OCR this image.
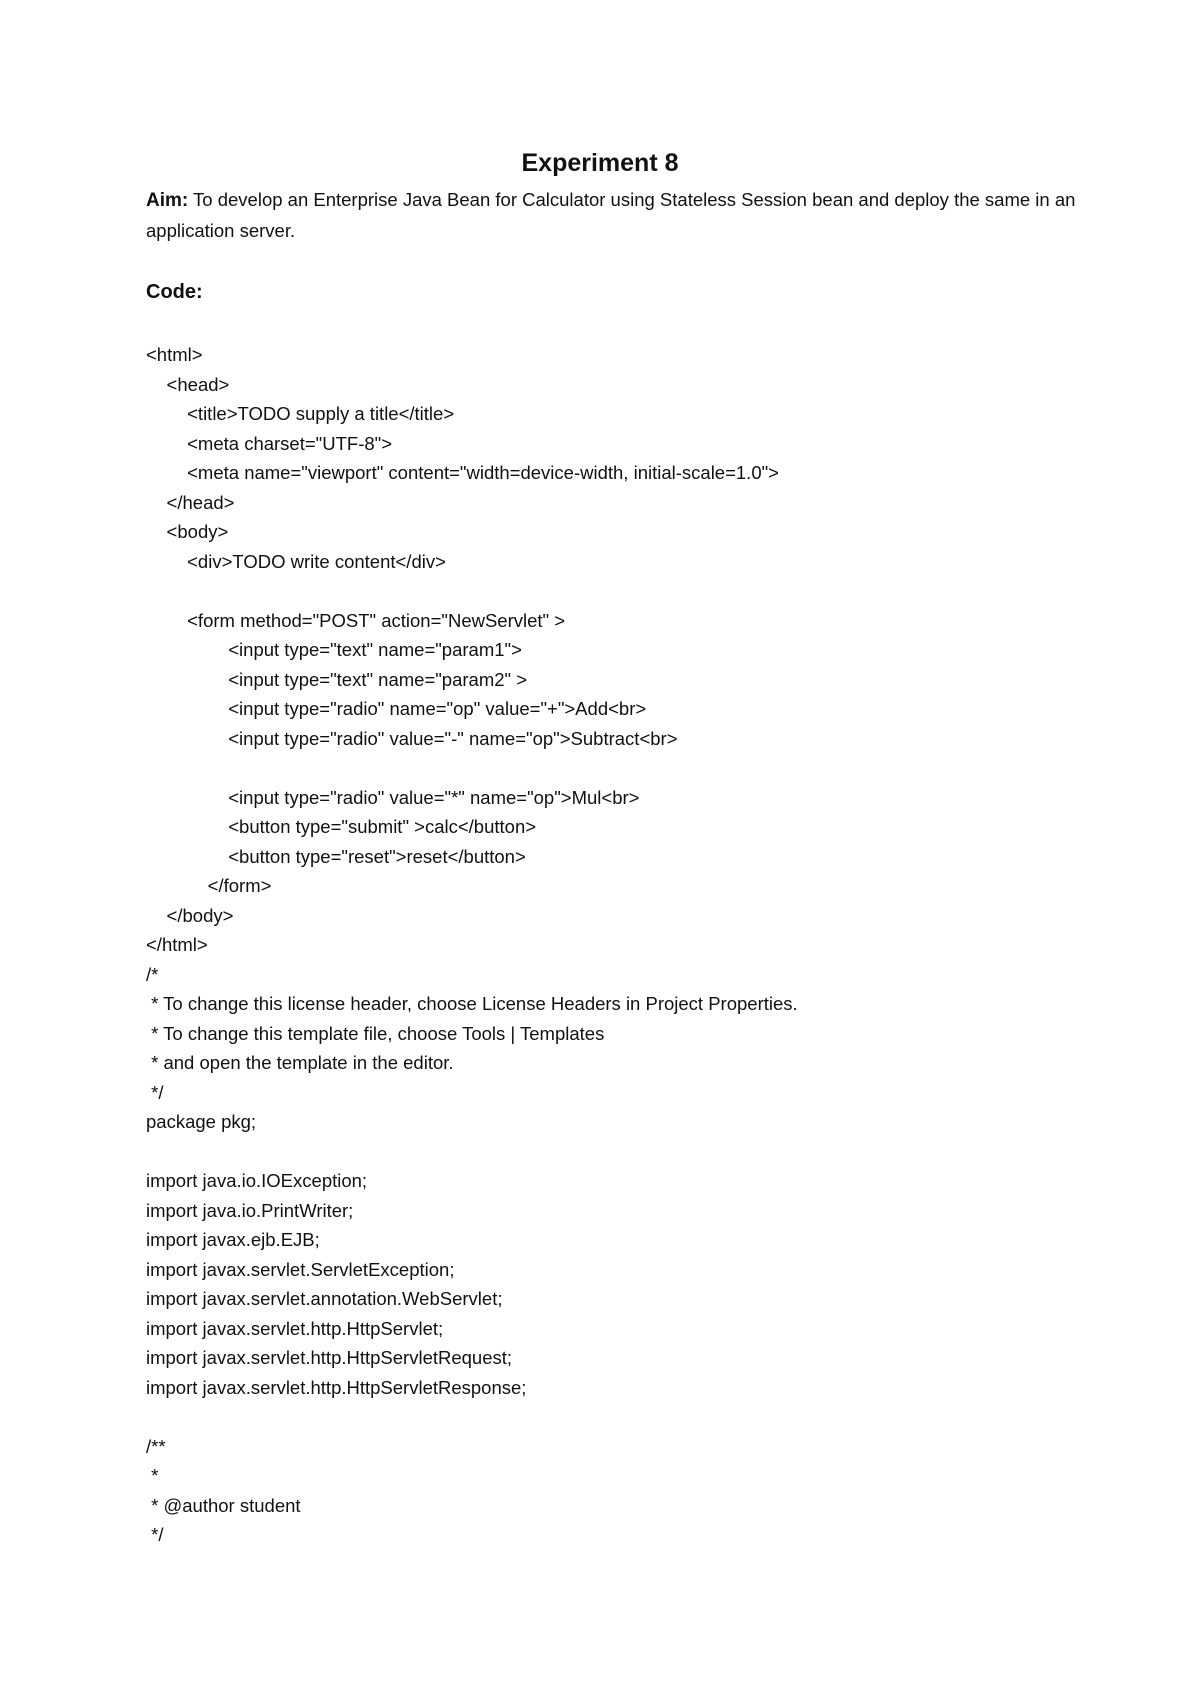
Experiment 8
Aim: To develop an Enterprise Java Bean for Calculator using Stateless Session bean and deploy the same in an application server.
Code:
<html>
<head>
<title>TODO supply a title</title>
<meta charset="UTF-8">
<meta name="viewport" content="width=device-width, initial-scale=1.0">
</head>
<body>
<div>TODO write content</div>
<form method="POST" action="NewServlet" >
<input type="text" name="param1">
<input type="text" name="param2" >
<input type="radio" name="op" value="+">Add<br>
<input type="radio" value="-" name="op">Subtract<br>
<input type="radio" value="*" name="op">Mul<br>
<button type="submit" >calc</button>
<button type="reset">reset</button>
</form>
</body>
</html>
/*
* To change this license header, choose License Headers in Project Properties.
* To change this template file, choose Tools | Templates
* and open the template in the editor.
*/
package pkg;
import java.io.IOException;
import java.io.PrintWriter;
import javax.ejb.EJB;
import javax.servlet.ServletException;
import javax.servlet.annotation.WebServlet;
import javax.servlet.http.HttpServlet;
import javax.servlet.http.HttpServletRequest;
import javax.servlet.http.HttpServletResponse;
/**
*
* @author student
*/
